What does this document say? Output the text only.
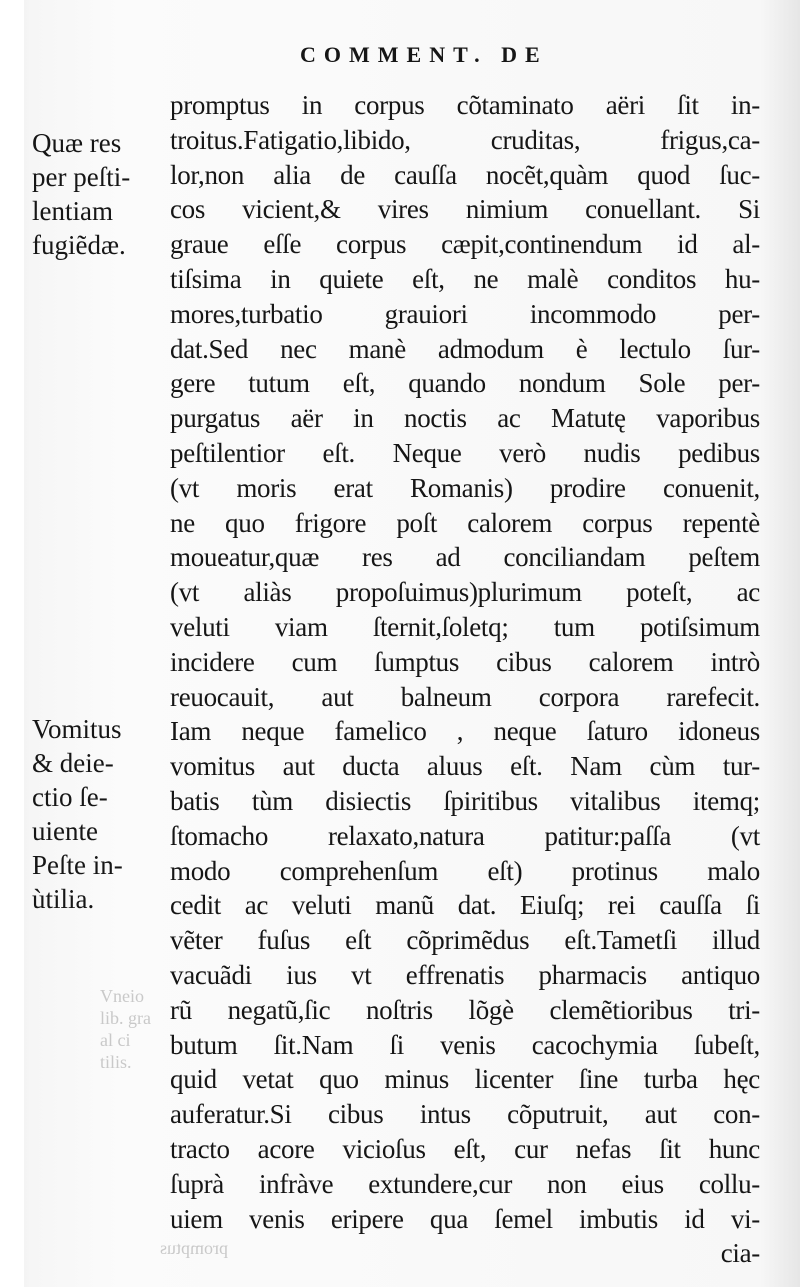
COMMENT. DE
Vneio
lib. gra
al ci
tilis.
promptus
Quæ res
per peſti-
lentiam
fugiẽdæ.
Vomitus
& deie-
ctio ſe-
uiente
Peſte in-
ùtilia.
promptus in corpus cõtaminato aëri ſit in-
troitus.Fatigatio,libido, cruditas, frigus,ca-
lor,non alia de cauſſa nocẽt,quàm quod ſuc-
cos vicient,& vires nimium conuellant. Si
graue eſſe corpus cæpit,continendum id al-
tiſsima in quiete eſt, ne malè conditos hu-
mores,turbatio grauiori incommodo per-
dat.Sed nec manè admodum è lectulo ſur-
gere tutum eſt, quando nondum Sole per-
purgatus aër in noctis ac Matutę vaporibus
peſtilentior eſt. Neque verò nudis pedibus
(vt moris erat Romanis) prodire conuenit,
ne quo frigore poſt calorem corpus repentè
moueatur,quæ res ad conciliandam peſtem
(vt aliàs propoſuimus)plurimum poteſt, ac
veluti viam ſternit,ſoletq; tum potiſsimum
incidere cum ſumptus cibus calorem intrò
reuocauit, aut balneum corpora rarefecit.
Iam neque famelico , neque ſaturo idoneus
vomitus aut ducta aluus eſt. Nam cùm tur-
batis tùm disiectis ſpiritibus vitalibus itemq;
ſtomacho relaxato,natura patitur:paſſa (vt
modo comprehenſum eſt) protinus malo
cedit ac veluti manũ dat. Eiuſq; rei cauſſa ſi
vẽter fuſus eſt cõprimẽdus eſt.Tametſi illud
vacuãdi ius vt effrenatis pharmacis antiquo
rũ negatũ,ſic noſtris lõgè clemẽtioribus tri-
butum ſit.Nam ſi venis cacochymia ſubeſt,
quid vetat quo minus licenter ſine turba hęc
auferatur.Si cibus intus cõputruit, aut con-
tracto acore vicioſus eſt, cur nefas ſit hunc
ſuprà infràve extundere,cur non eius collu-
uiem venis eripere qua ſemel imbutis id vi-
cia-
